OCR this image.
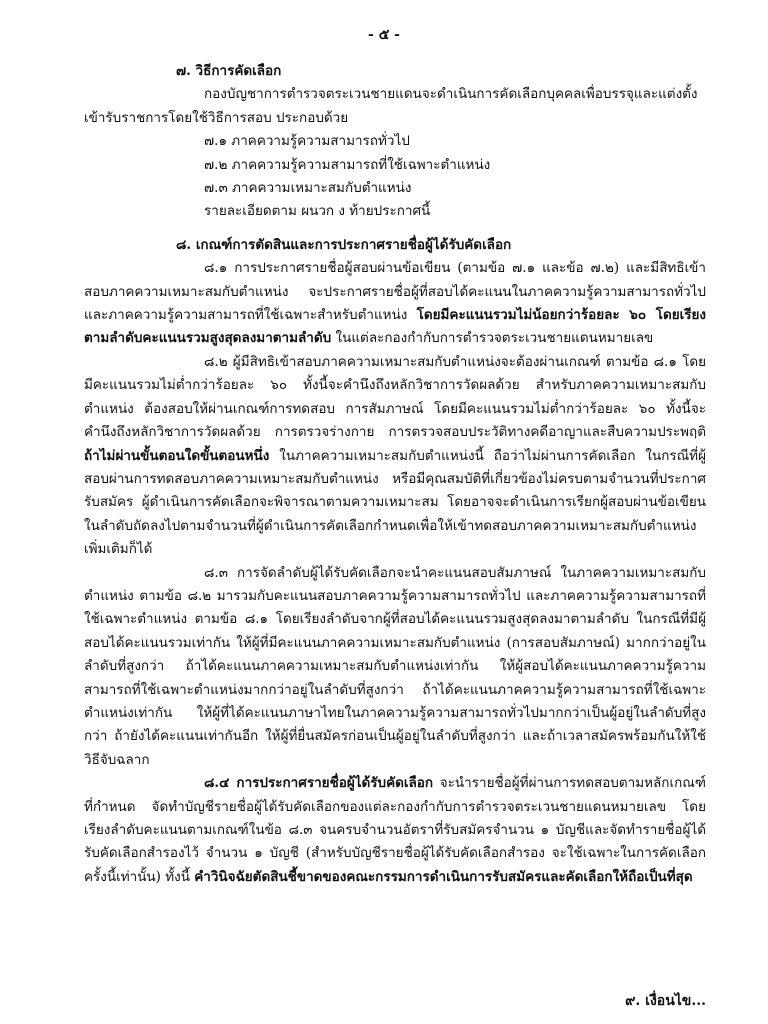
- ๕ -

๗. วิธีการคัดเลือก

กองบัญชาการตำรวจตระเวนชายแดนจะดำเนินการคัดเลือกบุคคลเพื่อบรรจุและแต่งตั้งเข้ารับราชการโดยใช้วิธีการสอบ ประกอบด้วย

๗.๑ ภาคความรู้ความสามารถทั่วไป

๗.๒ ภาคความรู้ความสามารถที่ใช้เฉพาะตำแหน่ง

๗.๓ ภาคความเหมาะสมกับตำแหน่ง

รายละเอียดตาม ผนวก ง ท้ายประกาศนี้

๘. เกณฑ์การตัดสินและการประกาศรายชื่อผู้ได้รับคัดเลือก

๘.๑ การประกาศรายชื่อผู้สอบผ่านข้อเขียน (ตามข้อ ๗.๑ และข้อ ๗.๒) และมีสิทธิเข้าสอบภาคความเหมาะสมกับตำแหน่ง จะประกาศรายชื่อผู้ที่สอบได้คะแนนในภาคความรู้ความสามารถทั่วไปและภาคความรู้ความสามารถที่ใช้เฉพาะสำหรับตำแหน่ง โดยมีคะแนนรวมไม่น้อยกว่าร้อยละ ๖๐ โดยเรียงตามลำดับคะแนนรวมสูงสุดลงมาตามลำดับ ในแต่ละกองกำกับการตำรวจตระเวนชายแดนหมายเลข

๘.๒ ผู้มีสิทธิเข้าสอบภาคความเหมาะสมกับตำแหน่งจะต้องผ่านเกณฑ์ ตามข้อ ๘.๑ โดยมีคะแนนรวมไม่ต่ำกว่าร้อยละ ๖๐ ทั้งนี้จะคำนึงถึงหลักวิชาการวัดผลด้วย สำหรับภาคความเหมาะสมกับตำแหน่ง ต้องสอบให้ผ่านเกณฑ์การทดสอบ การสัมภาษณ์ โดยมีคะแนนรวมไม่ต่ำกว่าร้อยละ ๖๐ ทั้งนี้จะคำนึงถึงหลักวิชาการวัดผลด้วย การตรวจร่างกาย การตรวจสอบประวัติทางคดีอาญาและสืบความประพฤติ ถ้าไม่ผ่านขั้นตอนใดขั้นตอนหนึ่ง ในภาคความเหมาะสมกับตำแหน่งนี้ ถือว่าไม่ผ่านการคัดเลือก ในกรณีที่ผู้สอบผ่านการทดสอบภาคความเหมาะสมกับตำแหน่ง หรือมีคุณสมบัติที่เกี่ยวข้องไม่ครบตามจำนวนที่ประกาศรับสมัคร ผู้ดำเนินการคัดเลือกจะพิจารณาตามความเหมาะสม โดยอาจจะดำเนินการเรียกผู้สอบผ่านข้อเขียนในลำดับถัดลงไปตามจำนวนที่ผู้ดำเนินการคัดเลือกกำหนดเพื่อให้เข้าทดสอบภาคความเหมาะสมกับตำแหน่งเพิ่มเติมก็ได้

๘.๓ การจัดลำดับผู้ได้รับคัดเลือกจะนำคะแนนสอบสัมภาษณ์ ในภาคความเหมาะสมกับตำแหน่ง ตามข้อ ๘.๒ มารวมกับคะแนนสอบภาคความรู้ความสามารถทั่วไป และภาคความรู้ความสามารถที่ใช้เฉพาะตำแหน่ง ตามข้อ ๘.๑ โดยเรียงลำดับจากผู้ที่สอบได้คะแนนรวมสูงสุดลงมาตามลำดับ ในกรณีที่มีผู้สอบได้คะแนนรวมเท่ากัน ให้ผู้ที่มีคะแนนภาคความเหมาะสมกับตำแหน่ง (การสอบสัมภาษณ์) มากกว่าอยู่ในลำดับที่สูงกว่า ถ้าได้คะแนนภาคความเหมาะสมกับตำแหน่งเท่ากัน ให้ผู้สอบได้คะแนนภาคความรู้ความสามารถที่ใช้เฉพาะตำแหน่งมากกว่าอยู่ในลำดับที่สูงกว่า ถ้าได้คะแนนภาคความรู้ความสามารถที่ใช้เฉพาะตำแหน่งเท่ากัน ให้ผู้ที่ได้คะแนนภาษาไทยในภาคความรู้ความสามารถทั่วไปมากกว่าเป็นผู้อยู่ในลำดับที่สูงกว่า ถ้ายังได้คะแนนเท่ากันอีก ให้ผู้ที่ยื่นสมัครก่อนเป็นผู้อยู่ในลำดับที่สูงกว่า และถ้าเวลาสมัครพร้อมกันให้ใช้วิธีจับฉลาก

๘.๔ การประกาศรายชื่อผู้ได้รับคัดเลือก จะนำรายชื่อผู้ที่ผ่านการทดสอบตามหลักเกณฑ์ที่กำหนด จัดทำบัญชีรายชื่อผู้ได้รับคัดเลือกของแต่ละกองกำกับการตำรวจตระเวนชายแดนหมายเลข โดยเรียงลำดับคะแนนตามเกณฑ์ในข้อ ๘.๓ จนครบจำนวนอัตราที่รับสมัครจำนวน ๑ บัญชีและจัดทำรายชื่อผู้ได้รับคัดเลือกสำรองไว้ จำนวน ๑ บัญชี (สำหรับบัญชีรายชื่อผู้ได้รับคัดเลือกสำรอง จะใช้เฉพาะในการคัดเลือกครั้งนี้เท่านั้น) ทั้งนี้ คำวินิจฉัยตัดสินชี้ขาดของคณะกรรมการดำเนินการรับสมัครและคัดเลือกให้ถือเป็นที่สุด

๙. เงื่อนไข...
